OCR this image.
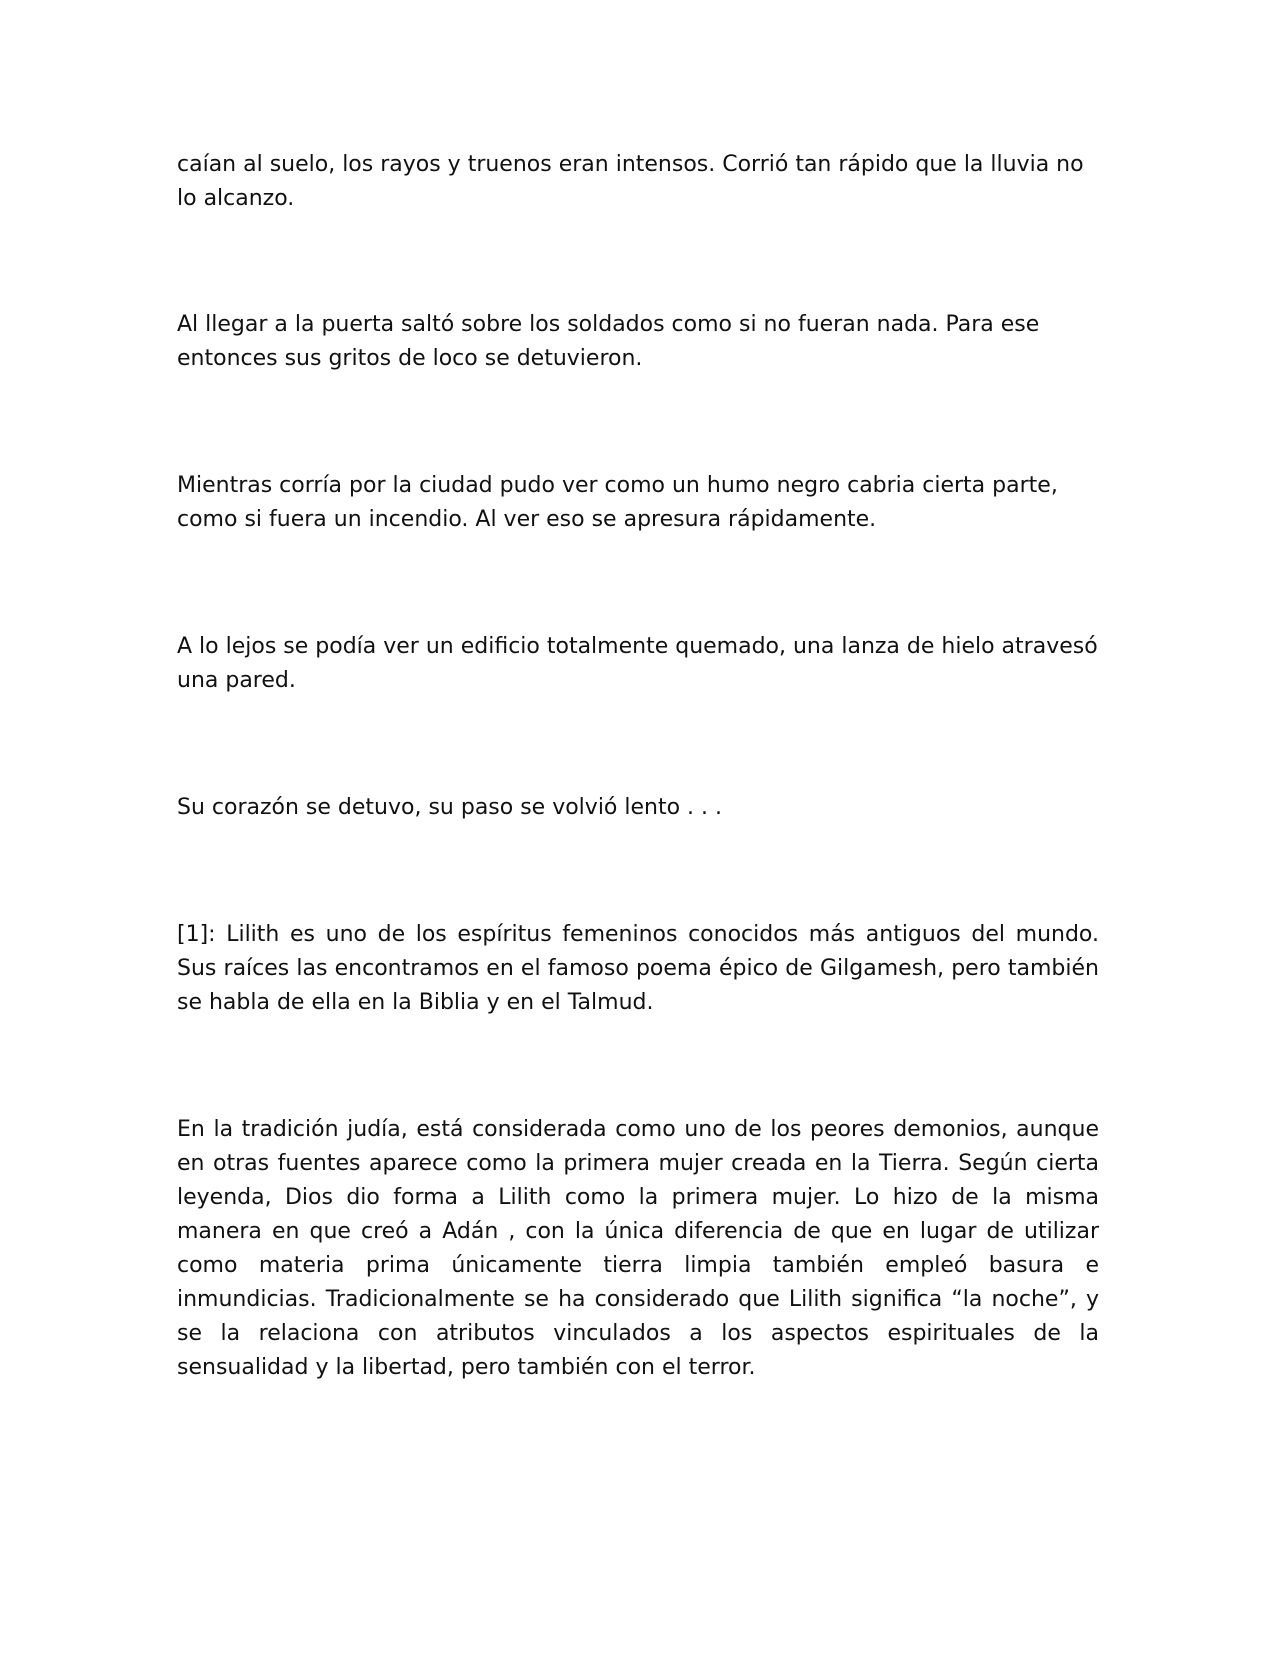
caían al suelo, los rayos y truenos eran intensos. Corrió tan rápido que la lluvia no lo alcanzo.

Al llegar a la puerta saltó sobre los soldados como si no fueran nada. Para ese entonces sus gritos de loco se detuvieron.

Mientras corría por la ciudad pudo ver como un humo negro cabria cierta parte, como si fuera un incendio. Al ver eso se apresura rápidamente.

A lo lejos se podía ver un edificio totalmente quemado, una lanza de hielo atravesó una pared.

Su corazón se detuvo, su paso se volvió lento . . .

[1]: Lilith es uno de los espíritus femeninos conocidos más antiguos del mundo. Sus raíces las encontramos en el famoso poema épico de Gilgamesh, pero también se habla de ella en la Biblia y en el Talmud.

En la tradición judía, está considerada como uno de los peores demonios, aunque en otras fuentes aparece como la primera mujer creada en la Tierra. Según cierta leyenda, Dios dio forma a Lilith como la primera mujer. Lo hizo de la misma manera en que creó a Adán , con la única diferencia de que en lugar de utilizar como materia prima únicamente tierra limpia también empleó basura e inmundicias. Tradicionalmente se ha considerado que Lilith significa “la noche”, y se la relaciona con atributos vinculados a los aspectos espirituales de la sensualidad y la libertad, pero también con el terror.
